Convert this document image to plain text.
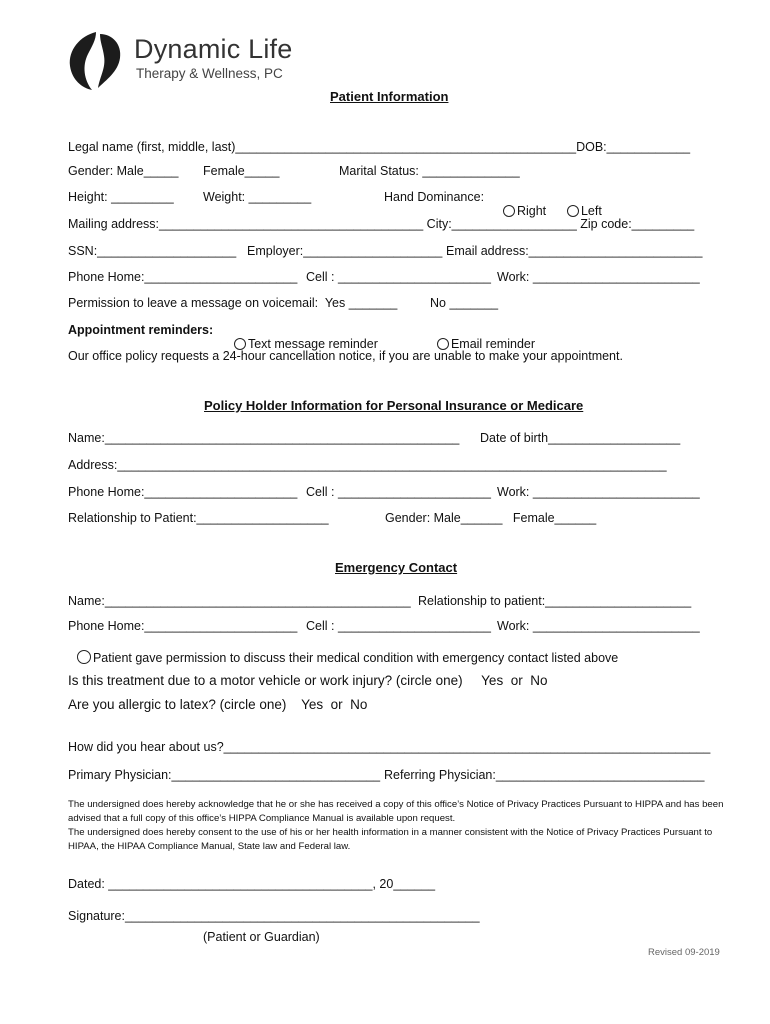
Dynamic Life
Therapy & Wellness, PC
Patient Information
Legal name (first, middle, last)_________________________________________________DOB:____________
Gender: Male_____ Female_____	Marital Status: ______________
Height: _________ Weight: _________	Hand Dominance:

Right	Left

Mailing address:______________________________________ City:__________________ Zip code:_________
SSN:____________________ Employer:____________________ Email address:_________________________
Phone Home:______________________ Cell : ______________________ Work: ________________________
Permission to leave a message on voicemail:  Yes _______	No _______
Appointment reminders:

Text message reminder	Email reminder

Our office policy requests a 24-hour cancellation notice, if you are unable to make your appointment.
Policy Holder Information for Personal Insurance or Medicare
Name:___________________________________________________ Date of birth___________________
Address:_______________________________________________________________________________
Phone Home:______________________ Cell : ______________________ Work: ________________________
Relationship to Patient:___________________	Gender: Male______   Female______
Emergency Contact
Name:____________________________________________ Relationship to patient:_____________________
Phone Home:______________________ Cell : ______________________ Work: ________________________

Patient gave permission to discuss their medical condition with emergency contact listed above

Is this treatment due to a motor vehicle or work injury? (circle one)     Yes  or  No
Are you allergic to latex? (circle one)    Yes  or  No
How did you hear about us?______________________________________________________________________
Primary Physician:______________________________ Referring Physician:______________________________
The undersigned does hereby acknowledge that he or she has received a copy of this office’s Notice of Privacy Practices Pursuant to HIPPA and has been advised that a full copy of this office’s HIPPA Compliance Manual is available upon request.
The undersigned does hereby consent to the use of his or her health information in a manner consistent with the Notice of Privacy Practices Pursuant to HIPAA, the HIPAA Compliance Manual, State law and Federal law.
Dated: ______________________________________, 20______
Signature:___________________________________________________
(Patient or Guardian)
Revised 09-2019
